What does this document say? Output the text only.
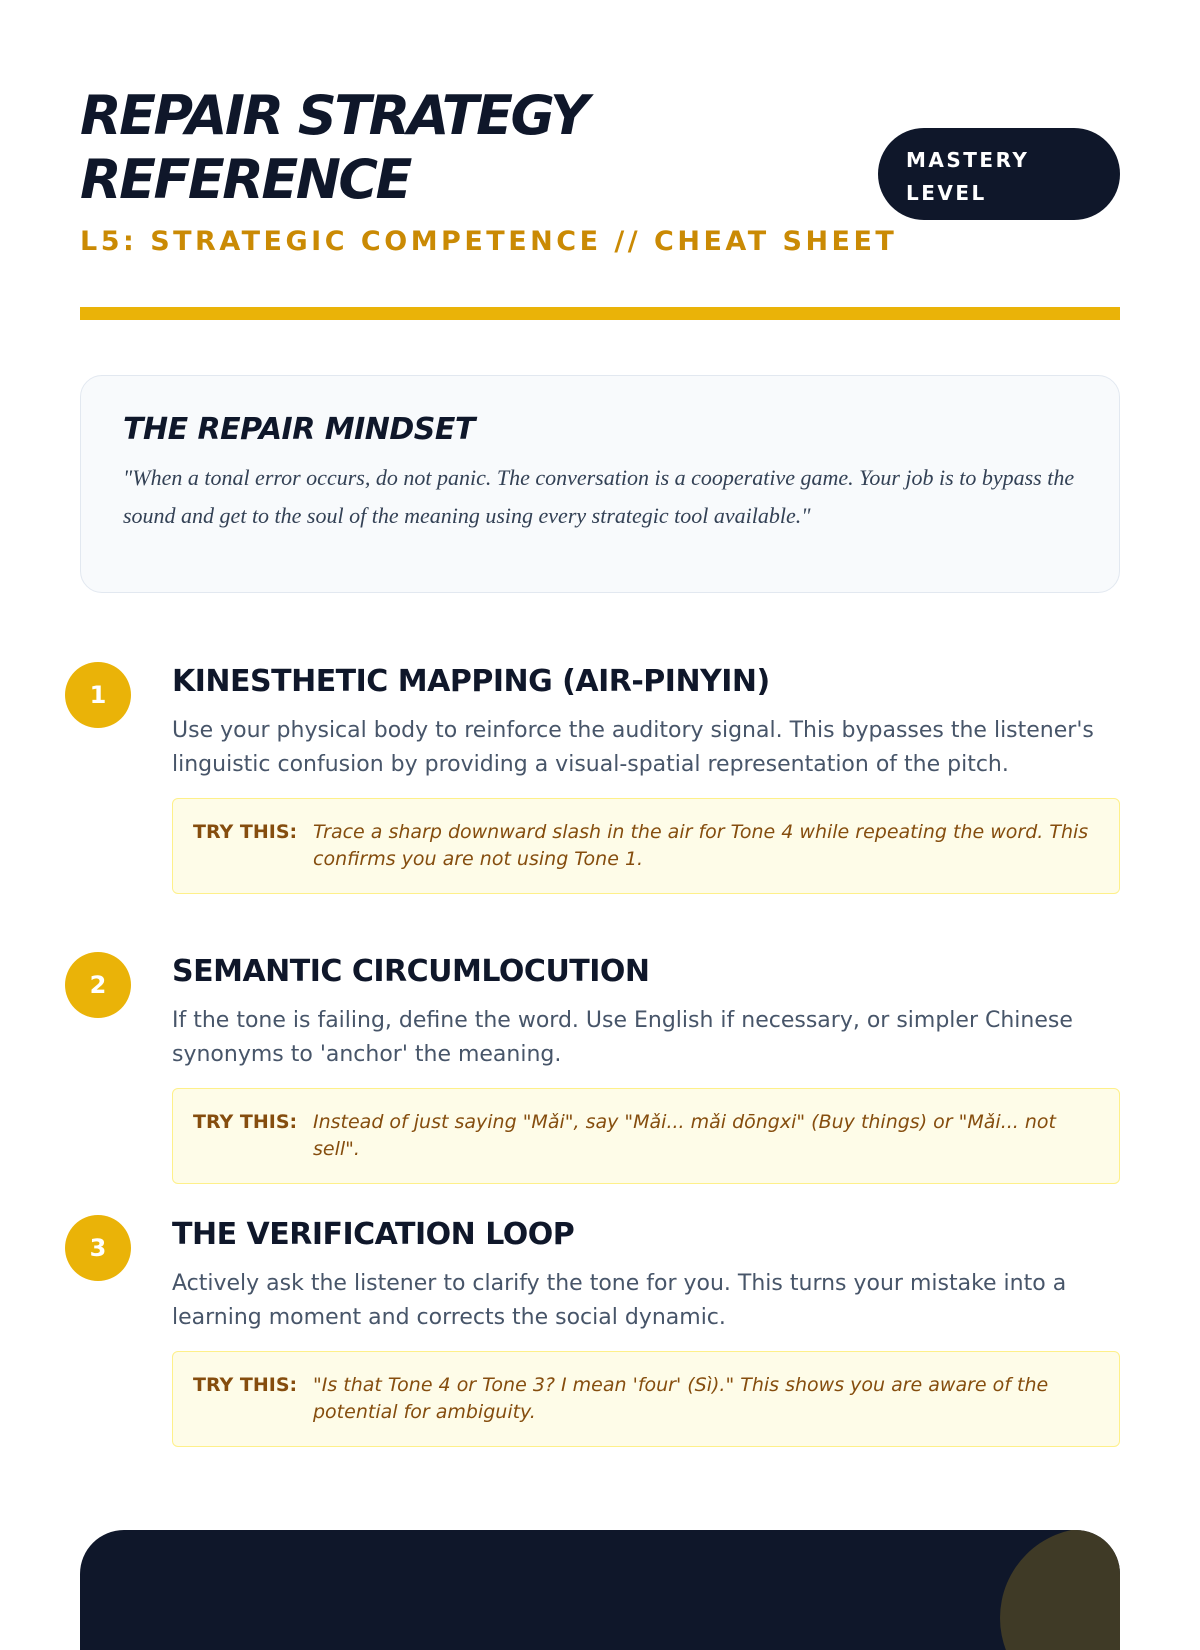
REPAIR STRATEGY REFERENCE
L5: STRATEGIC COMPETENCE // CHEAT SHEET
MASTERY LEVEL
THE REPAIR MINDSET

"When a tonal error occurs, do not panic. The conversation is a cooperative game. Your job is to bypass the sound and get to the soul of the meaning using every strategic tool available."

1	KINESTHETIC MAPPING (AIR-PINYIN)

Use your physical body to reinforce the auditory signal. This bypasses the listener's linguistic confusion by providing a visual-spatial representation of the pitch.

TRY THIS: Trace a sharp downward slash in the air for Tone 4 while repeating the word. This confirms you are not using Tone 1.
2	SEMANTIC CIRCUMLOCUTION

If the tone is failing, define the word. Use English if necessary, or simpler Chinese synonyms to 'anchor' the meaning.

TRY THIS: Instead of just saying "Mǎi", say "Mǎi... mǎi dōngxi" (Buy things) or "Mǎi... not sell".
3	THE VERIFICATION LOOP

Actively ask the listener to clarify the tone for you. This turns your mistake into a learning moment and corrects the social dynamic.

TRY THIS: "Is that Tone 4 or Tone 3? I mean 'four' (Sì)." This shows you are aware of the potential for ambiguity.
